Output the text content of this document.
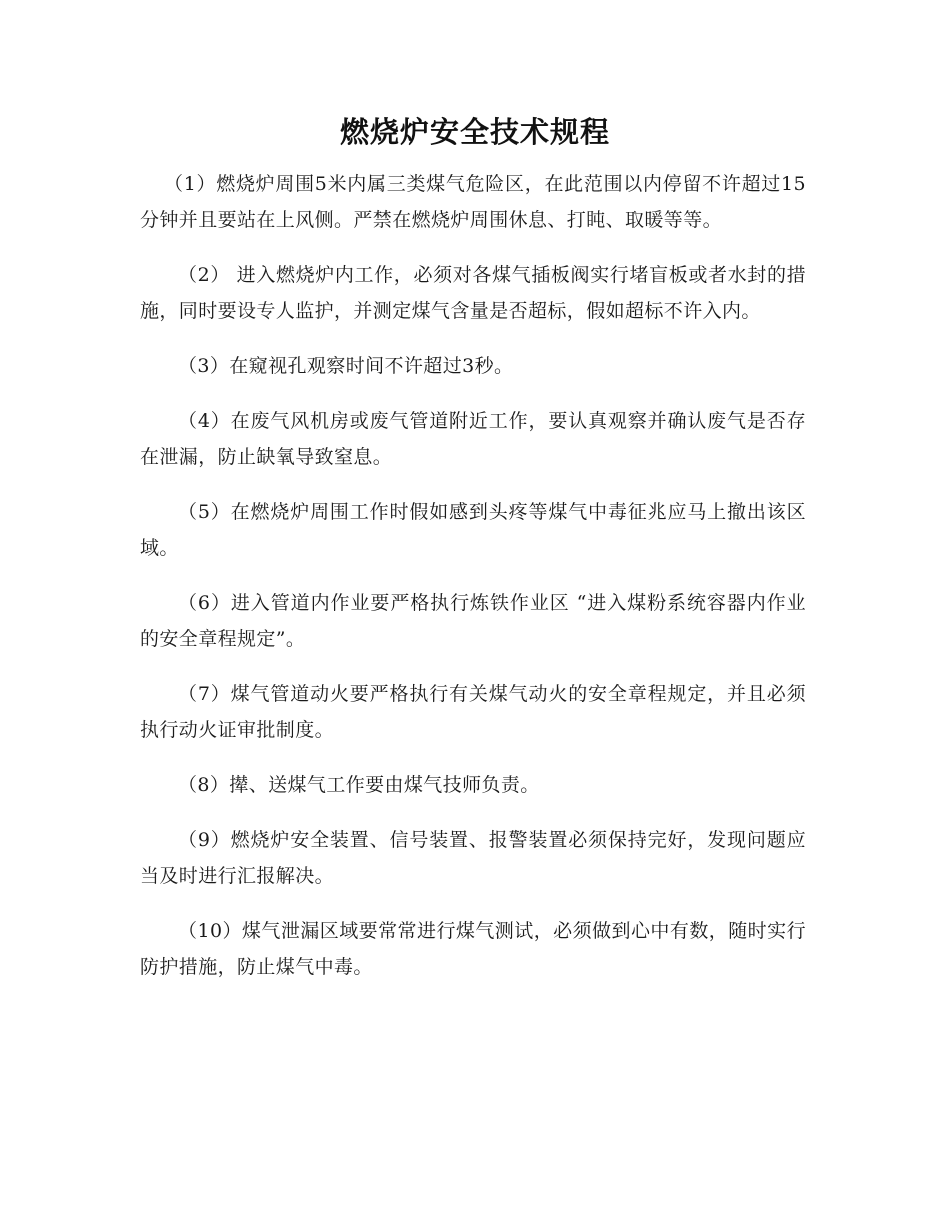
燃烧炉安全技术规程

（1）燃烧炉周围5米内属三类煤气危险区，在此范围以内停留不许超过15分钟并且要站在上风侧。严禁在燃烧炉周围休息、打盹、取暖等等。

（2） 进入燃烧炉内工作，必须对各煤气插板阀实行堵盲板或者水封的措施，同时要设专人监护，并测定煤气含量是否超标，假如超标不许入内。

（3）在窥视孔观察时间不许超过3秒。

（4）在废气风机房或废气管道附近工作，要认真观察并确认废气是否存在泄漏，防止缺氧导致窒息。

（5）在燃烧炉周围工作时假如感到头疼等煤气中毒征兆应马上撤出该区域。

（6）进入管道内作业要严格执行炼铁作业区 “进入煤粉系统容器内作业的安全章程规定”。

（7）煤气管道动火要严格执行有关煤气动火的安全章程规定，并且必须执行动火证审批制度。

（8）撵、送煤气工作要由煤气技师负责。

（9）燃烧炉安全装置、信号装置、报警装置必须保持完好，发现问题应当及时进行汇报解决。

（10）煤气泄漏区域要常常进行煤气测试，必须做到心中有数，随时实行防护措施，防止煤气中毒。
